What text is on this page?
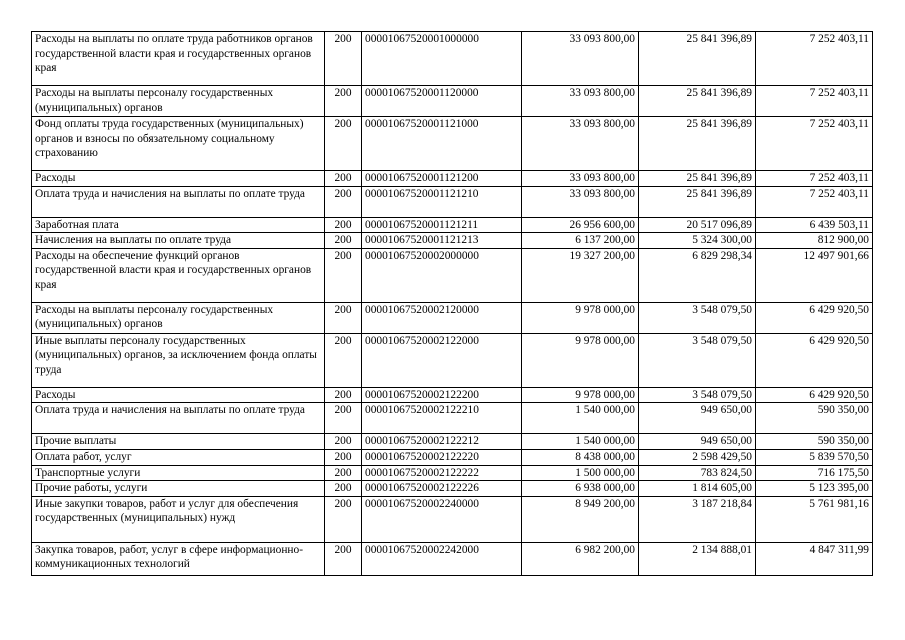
Расходы на выплаты по оплате труда работников органов государственной власти края и государственных органов края	200	00001067520001000000	33 093 800,00	25 841 396,89	7 252 403,11
Расходы на выплаты персоналу государственных (муниципальных) органов	200	00001067520001120000	33 093 800,00	25 841 396,89	7 252 403,11
Фонд оплаты труда государственных (муниципальных) органов и взносы по обязательному социальному страхованию	200	00001067520001121000	33 093 800,00	25 841 396,89	7 252 403,11
Расходы	200	00001067520001121200	33 093 800,00	25 841 396,89	7 252 403,11
Оплата труда и начисления на выплаты по оплате труда	200	00001067520001121210	33 093 800,00	25 841 396,89	7 252 403,11
Заработная плата	200	00001067520001121211	26 956 600,00	20 517 096,89	6 439 503,11
Начисления на выплаты по оплате труда	200	00001067520001121213	6 137 200,00	5 324 300,00	812 900,00
Расходы на обеспечение функций органов государственной власти края и государственных органов края	200	00001067520002000000	19 327 200,00	6 829 298,34	12 497 901,66
Расходы на выплаты персоналу государственных (муниципальных) органов	200	00001067520002120000	9 978 000,00	3 548 079,50	6 429 920,50
Иные выплаты персоналу государственных (муниципальных) органов, за исключением фонда оплаты труда	200	00001067520002122000	9 978 000,00	3 548 079,50	6 429 920,50
Расходы	200	00001067520002122200	9 978 000,00	3 548 079,50	6 429 920,50
Оплата труда и начисления на выплаты по оплате труда	200	00001067520002122210	1 540 000,00	949 650,00	590 350,00
Прочие выплаты	200	00001067520002122212	1 540 000,00	949 650,00	590 350,00
Оплата работ, услуг	200	00001067520002122220	8 438 000,00	2 598 429,50	5 839 570,50
Транспортные услуги	200	00001067520002122222	1 500 000,00	783 824,50	716 175,50
Прочие работы, услуги	200	00001067520002122226	6 938 000,00	1 814 605,00	5 123 395,00
Иные закупки товаров, работ и услуг для обеспечения государственных (муниципальных) нужд	200	00001067520002240000	8 949 200,00	3 187 218,84	5 761 981,16
Закупка товаров, работ, услуг в сфере информационно-коммуникационных технологий	200	00001067520002242000	6 982 200,00	2 134 888,01	4 847 311,99
